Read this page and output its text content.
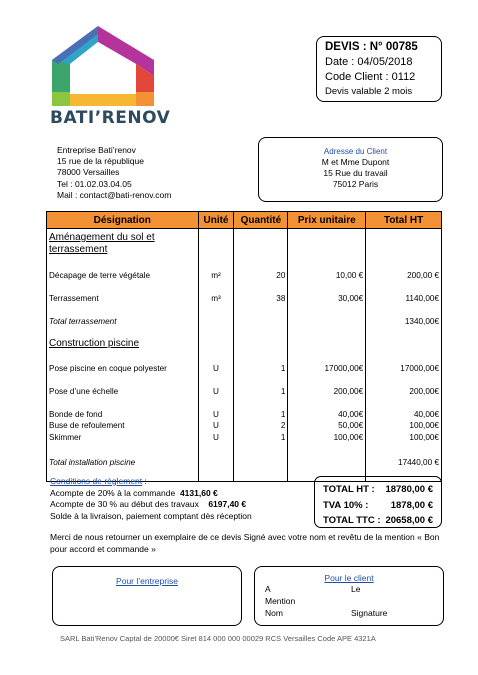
BATI’RENOV
DEVIS : N° 00785
Date : 04/05/2018
Code Client : 0112
Devis valable 2 mois
Entreprise Bati’renov
15 rue de la république
78000 Versailles
Tel : 01.02.03.04.05
Mail : contact@bati-renov.com
Adresse du Client
M et Mme Dupont
15 Rue du travail
75012 Paris
Désignation	Unité	Quantité	Prix unitaire	Total HT

Aménagement du sol et terrassement				

Décapage de terre végétale	m²	20	10,00 €	200,00 €

Terrassement	m³	38	30,00€	1140,00€

Total terrassement				1340,00€

Construction piscine				

Pose piscine en coque polyester	U	1	17000,00€	17000,00€

Pose d’une échelle	U	1	200,00€	200,00€

Bonde de fond	U	1	40,00€	40,00€
Buse de refoulement	U	2	50,00€	100,00€
Skimmer	U	1	100,00€	100,00€

Total installation piscine				17440,00 €

Conditions de règlement :
Acompte de 20% à la commande 4131,60 €
Acompte de 30 % au début des travaux 6197,40 €
Solde à la livraison, paiement comptant dès réception
TOTAL HT : 18780,00 €
TVA 10% : 1878,00 €
TOTAL TTC : 20658,00 €
Merci de nous retourner un exemplaire de ce devis Signé avec votre nom et revêtu de la mention « Bon pour accord et commande »
Pour l’entreprise	Pour le client
A	Le
Mention
Nom	Signature
SARL Bati’Renov Captal de 20000€ Siret 814 000 000 00029 RCS Versailles Code APE 4321A
